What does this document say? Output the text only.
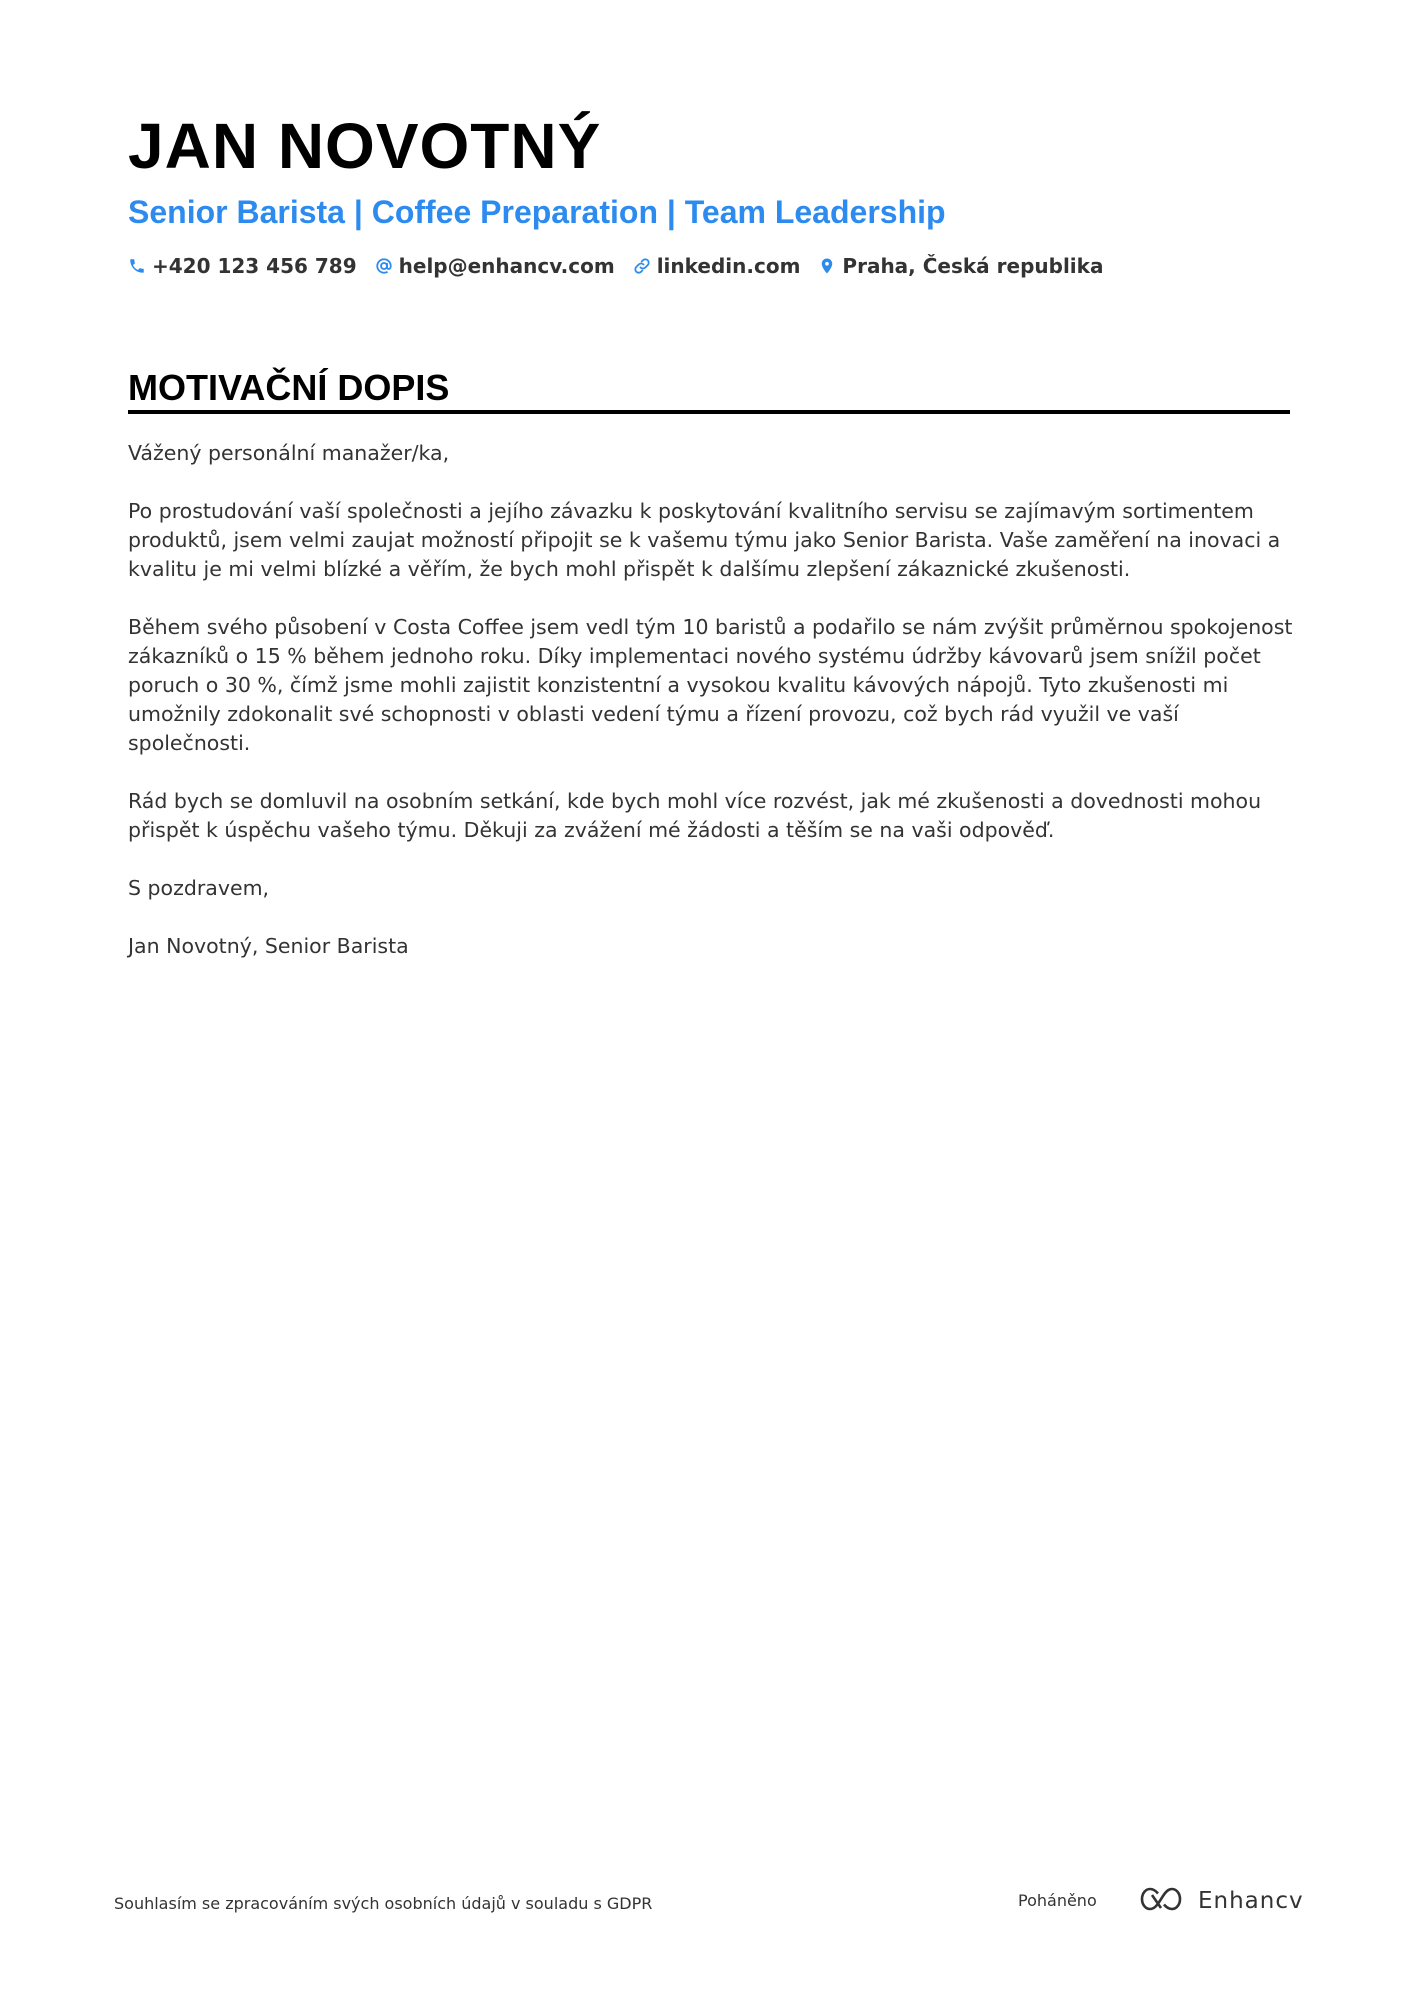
JAN NOVOTNÝ
Senior Barista | Coffee Preparation | Team Leadership
+420 123 456 789 help@enhancv.com linkedin.com Praha, Česká republika
MOTIVAČNÍ DOPIS

Vážený personální manažer/ka,

Po prostudování vaší společnosti a jejího závazku k poskytování kvalitního servisu se zajímavým sortimentem produktů, jsem velmi zaujat možností připojit se k vašemu týmu jako Senior Barista. Vaše zaměření na inovaci a kvalitu je mi velmi blízké a věřím, že bych mohl přispět k dalšímu zlepšení zákaznické zkušenosti.

Během svého působení v Costa Coffee jsem vedl tým 10 baristů a podařilo se nám zvýšit průměrnou spokojenost zákazníků o 15 % během jednoho roku. Díky implementaci nového systému údržby kávovarů jsem snížil počet poruch o 30 %, čímž jsme mohli zajistit konzistentní a vysokou kvalitu kávových nápojů. Tyto zkušenosti mi umožnily zdokonalit své schopnosti v oblasti vedení týmu a řízení provozu, což bych rád využil ve vaší společnosti.

Rád bych se domluvil na osobním setkání, kde bych mohl více rozvést, jak mé zkušenosti a dovednosti mohou přispět k úspěchu vašeho týmu. Děkuji za zvážení mé žádosti a těším se na vaši odpověď.

S pozdravem,

Jan Novotný, Senior Barista

Souhlasím se zpracováním svých osobních údajů v souladu s GDPR	Poháněno	Enhancv
